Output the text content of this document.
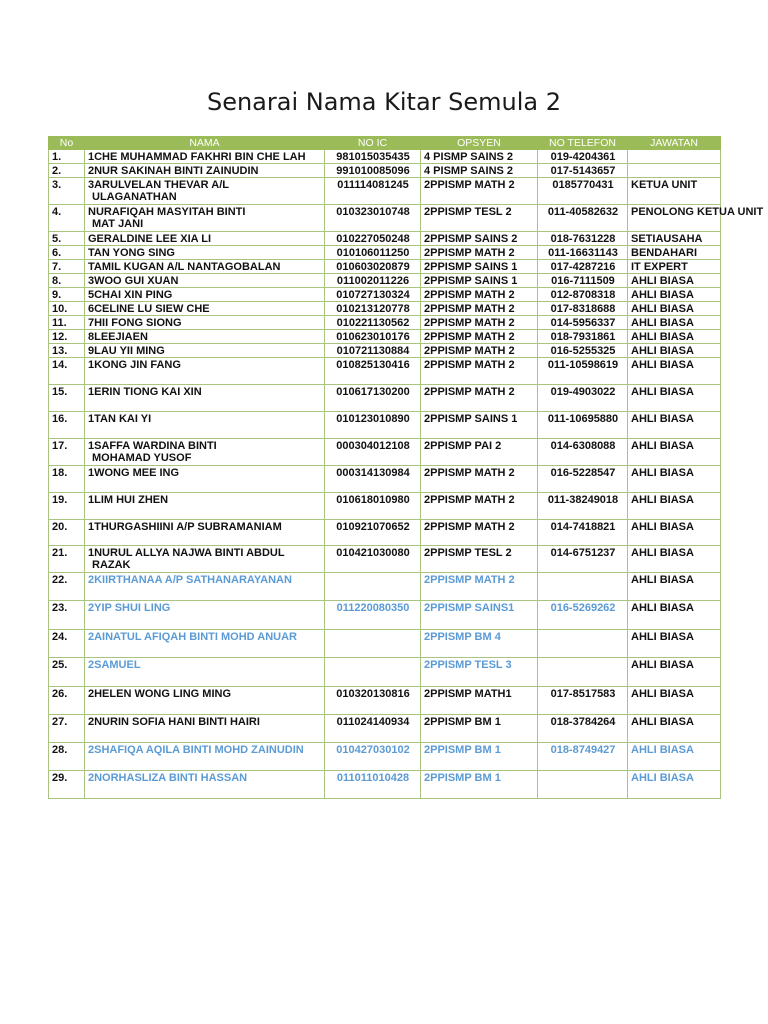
Senarai Nama Kitar Semula 2
No	NAMA	NO IC	OPSYEN	NO TELEFON	JAWATAN
1.	1CHE MUHAMMAD FAKHRI BIN CHE LAH	981015035435	4 PISMP SAINS 2	019-4204361	
2.	2NUR SAKINAH BINTI ZAINUDIN	991010085096	4 PISMP SAINS 2	017-5143657	
3.	3ARULVELAN THEVAR A/L
ULAGANATHAN	011114081245	2PPISMP MATH 2	0185770431	KETUA UNIT
4.	NURAFIQAH MASYITAH BINTI
MAT JANI	010323010748	2PPISMP TESL 2	011-40582632	PENOLONG KETUA UNIT
5.	GERALDINE LEE XIA LI	010227050248	2PPISMP SAINS 2	018-7631228	SETIAUSAHA
6.	TAN YONG SING	010106011250	2PPISMP MATH 2	011-16631143	BENDAHARI
7.	TAMIL KUGAN A/L NANTAGOBALAN	010603020879	2PPISMP SAINS 1	017-4287216	IT EXPERT
8.	3WOO GUI XUAN	011002011226	2PPISMP SAINS 1	016-7111509	AHLI BIASA
9.	5CHAI XIN PING	010727130324	2PPISMP MATH 2	012-8708318	AHLI BIASA
10.	6CELINE LU SIEW CHE	010213120778	2PPISMP MATH 2	017-8318688	AHLI BIASA
11.	7HII FONG SIONG	010221130562	2PPISMP MATH 2	014-5956337	AHLI BIASA
12.	8LEEJIAEN	010623010176	2PPISMP MATH 2	018-7931861	AHLI BIASA
13.	9LAU YII MING	010721130884	2PPISMP MATH 2	016-5255325	AHLI BIASA
14.	1KONG JIN FANG	010825130416	2PPISMP MATH 2	011-10598619	AHLI BIASA
15.	1ERIN TIONG KAI XIN	010617130200	2PPISMP MATH 2	019-4903022	AHLI BIASA
16.	1TAN KAI YI	010123010890	2PPISMP SAINS 1	011-10695880	AHLI BIASA
17.	1SAFFA WARDINA BINTI
MOHAMAD YUSOF	000304012108	2PPISMP PAI 2	014-6308088	AHLI BIASA
18.	1WONG MEE ING	000314130984	2PPISMP MATH 2	016-5228547	AHLI BIASA
19.	1LIM HUI ZHEN	010618010980	2PPISMP MATH 2	011-38249018	AHLI BIASA
20.	1THURGASHIINI A/P SUBRAMANIAM	010921070652	2PPISMP MATH 2	014-7418821	AHLI BIASA
21.	1NURUL ALLYA NAJWA BINTI ABDUL
RAZAK	010421030080	2PPISMP TESL 2	014-6751237	AHLI BIASA
22.	2KIIRTHANAA A/P SATHANARAYANAN		2PPISMP MATH 2		AHLI BIASA
23.	2YIP SHUI LING	011220080350	2PPISMP SAINS1	016-5269262	AHLI BIASA
24.	2AINATUL AFIQAH BINTI MOHD ANUAR		2PPISMP BM 4		AHLI BIASA
25.	2SAMUEL		2PPISMP TESL 3		AHLI BIASA
26.	2HELEN WONG LING MING	010320130816	2PPISMP MATH1	017-8517583	AHLI BIASA
27.	2NURIN SOFIA HANI BINTI HAIRI	011024140934	2PPISMP BM 1	018-3784264	AHLI BIASA
28.	2SHAFIQA AQILA BINTI MOHD ZAINUDIN	010427030102	2PPISMP BM 1	018-8749427	AHLI BIASA
29.	2NORHASLIZA BINTI HASSAN	011011010428	2PPISMP BM 1		AHLI BIASA
